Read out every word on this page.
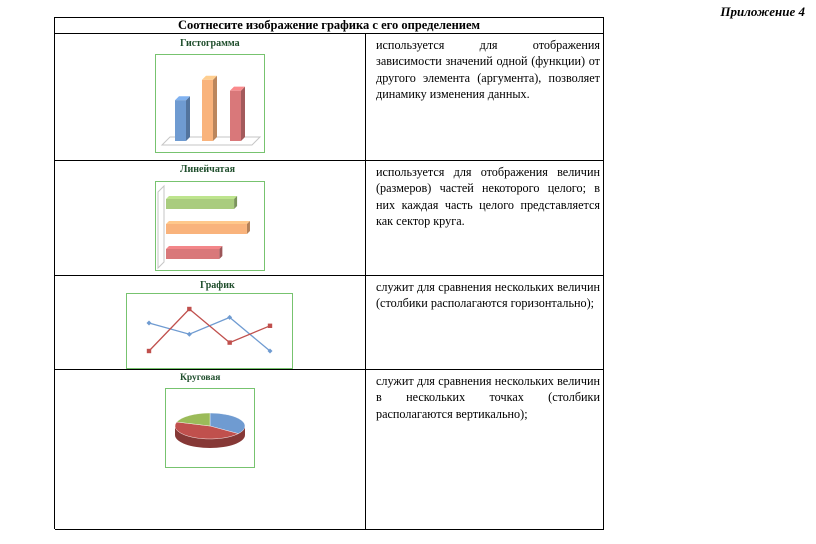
Приложение 4
Соотнесите изображение графика с его определением
Гистограмма	используется для отображения зависимости значений одной (функции) от другого элемента (аргумента), позволяет динамику изменения данных.

Линейчатая	используется для отображения величин (размеров) частей некоторого целого; в них каждая часть целого представляется как сектор круга.

График	служит для сравнения нескольких величин (столбики располагаются горизонтально);

Круговая	служит для сравнения нескольких величин в нескольких точках (столбики располагаются вертикально);
